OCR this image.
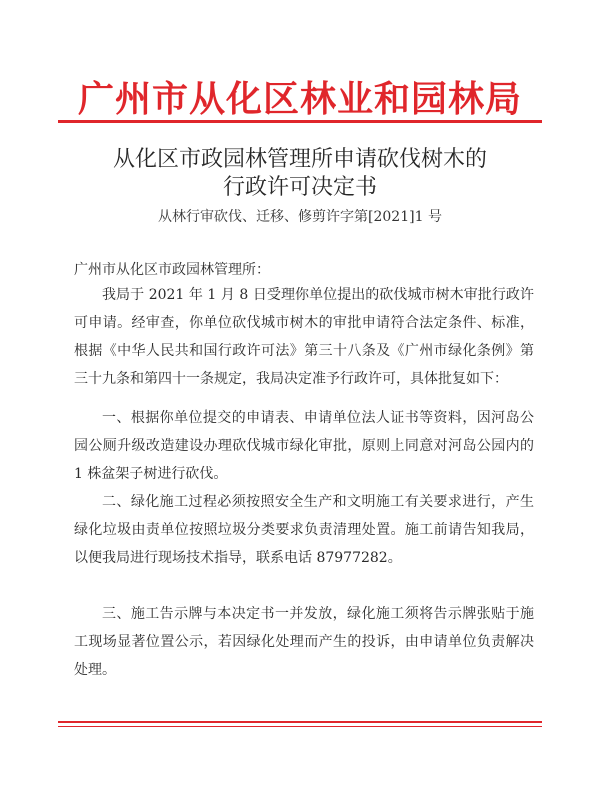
广州市从化区林业和园林局
从化区市政园林管理所申请砍伐树木的
行政许可决定书
从林行审砍伐、迁移、修剪许字第[2021]1 号
广州市从化区市政园林管理所：
我局于 2021 年 1 月 8 日受理你单位提出的砍伐城市树木审批行政许可申请。经审查，你单位砍伐城市树木的审批申请符合法定条件、标准，根据《中华人民共和国行政许可法》第三十八条及《广州市绿化条例》第三十九条和第四十一条规定，我局决定准予行政许可，具体批复如下：
一、根据你单位提交的申请表、申请单位法人证书等资料，因河岛公园公厕升级改造建设办理砍伐城市绿化审批，原则上同意对河岛公园内的 1 株盆架子树进行砍伐。
二、绿化施工过程必须按照安全生产和文明施工有关要求进行，产生绿化垃圾由责单位按照垃圾分类要求负责清理处置。施工前请告知我局，以便我局进行现场技术指导，联系电话 87977282。
三、施工告示牌与本决定书一并发放，绿化施工须将告示牌张贴于施工现场显著位置公示，若因绿化处理而产生的投诉，由申请单位负责解决处理。
